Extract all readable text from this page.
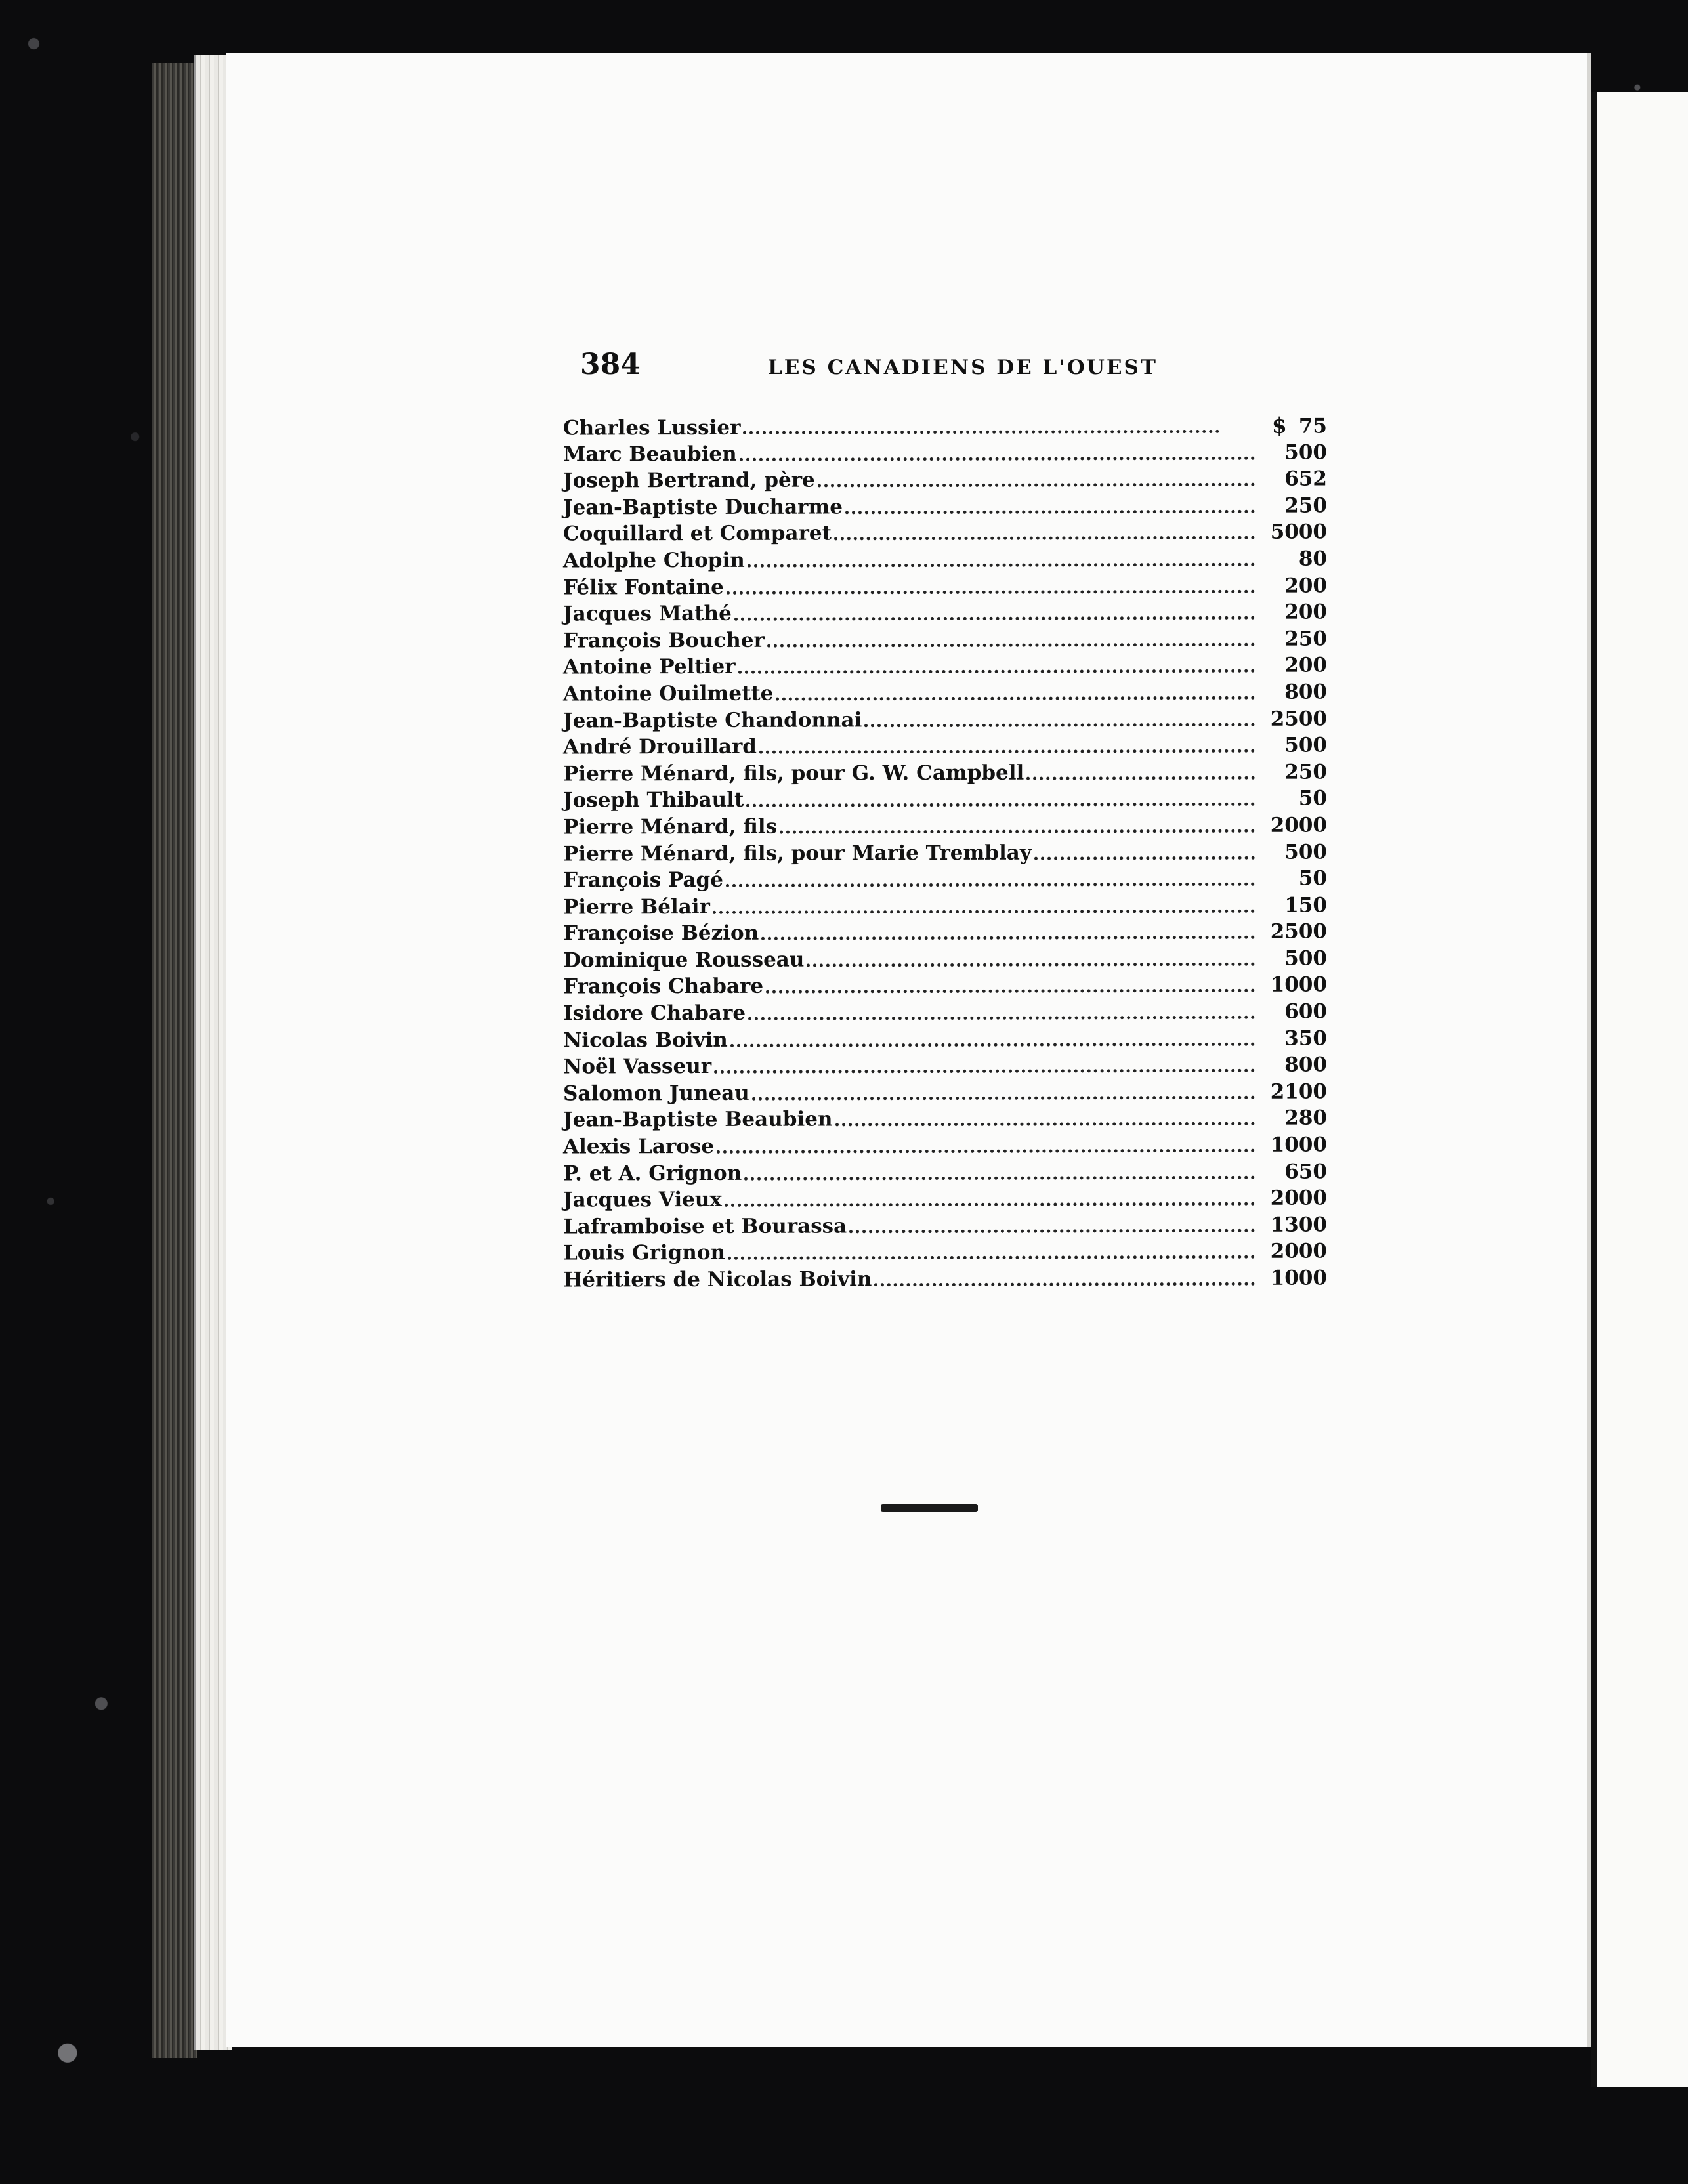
384	LES CANADIENS DE L'OUEST
Charles Lussier	$ 75
Marc Beaubien	500
Joseph Bertrand, père	652
Jean-Baptiste Ducharme	250
Coquillard et Comparet	5000
Adolphe Chopin	80
Félix Fontaine	200
Jacques Mathé	200
François Boucher	250
Antoine Peltier	200
Antoine Ouilmette	800
Jean-Baptiste Chandonnai	2500
André Drouillard	500
Pierre Ménard, fils, pour G. W. Campbell	250
Joseph Thibault	50
Pierre Ménard, fils	2000
Pierre Ménard, fils, pour Marie Tremblay	500
François Pagé	50
Pierre Bélair	150
Françoise Bézion	2500
Dominique Rousseau	500
François Chabare	1000
Isidore Chabare	600
Nicolas Boivin	350
Noël Vasseur	800
Salomon Juneau	2100
Jean-Baptiste Beaubien	280
Alexis Larose	1000
P. et A. Grignon	650
Jacques Vieux	2000
Laframboise et Bourassa	1300
Louis Grignon	2000
Héritiers de Nicolas Boivin	1000
